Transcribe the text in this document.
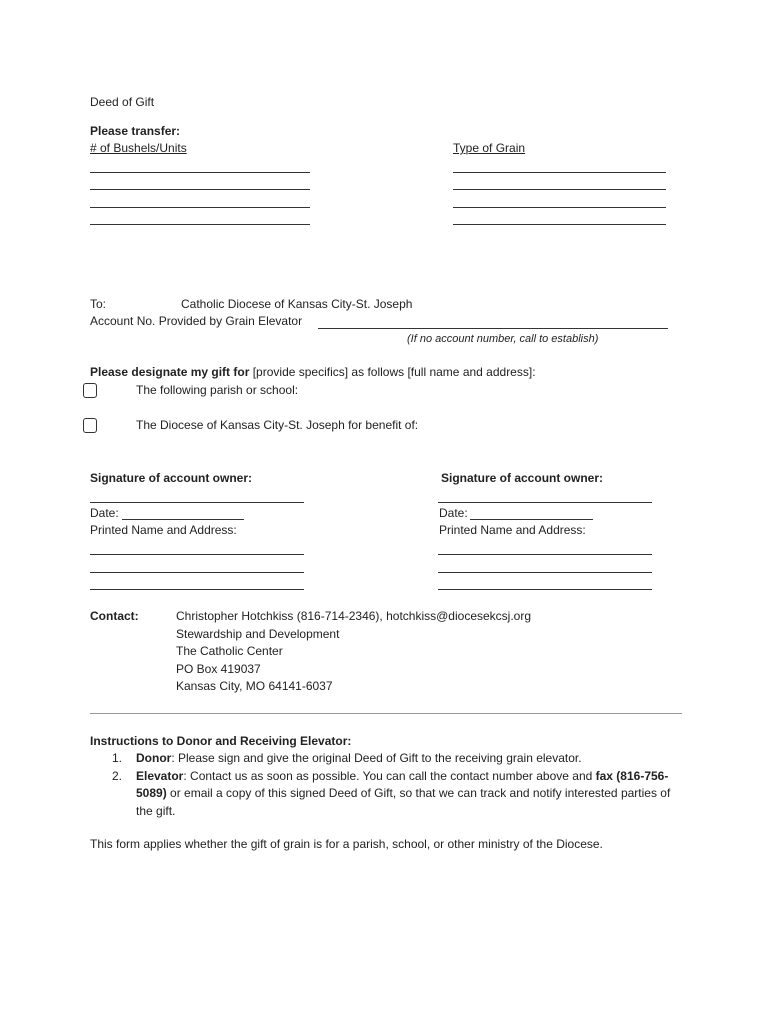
Deed of Gift
Please transfer:
# of Bushels/Units	Type of Grain
To:	Catholic Diocese of Kansas City-St. Joseph
Account No. Provided by Grain Elevator
(If no account number, call to establish)
Please designate my gift for [provide specifics] as follows [full name and address]:
The following parish or school:
The Diocese of Kansas City-St. Joseph for benefit of:
Signature of account owner:
Date:
Printed Name and Address:
Signature of account owner:
Date:
Printed Name and Address:
Contact:	Christopher Hotchkiss (816-714-2346), hotchkiss@diocesekcsj.org
Stewardship and Development
The Catholic Center
PO Box 419037
Kansas City, MO 64141-6037
Instructions to Donor and Receiving Elevator:
1. Donor: Please sign and give the original Deed of Gift to the receiving grain elevator.
2. Elevator: Contact us as soon as possible. You can call the contact number above and fax (816-756-5089) or email a copy of this signed Deed of Gift, so that we can track and notify interested parties of the gift.
This form applies whether the gift of grain is for a parish, school, or other ministry of the Diocese.
